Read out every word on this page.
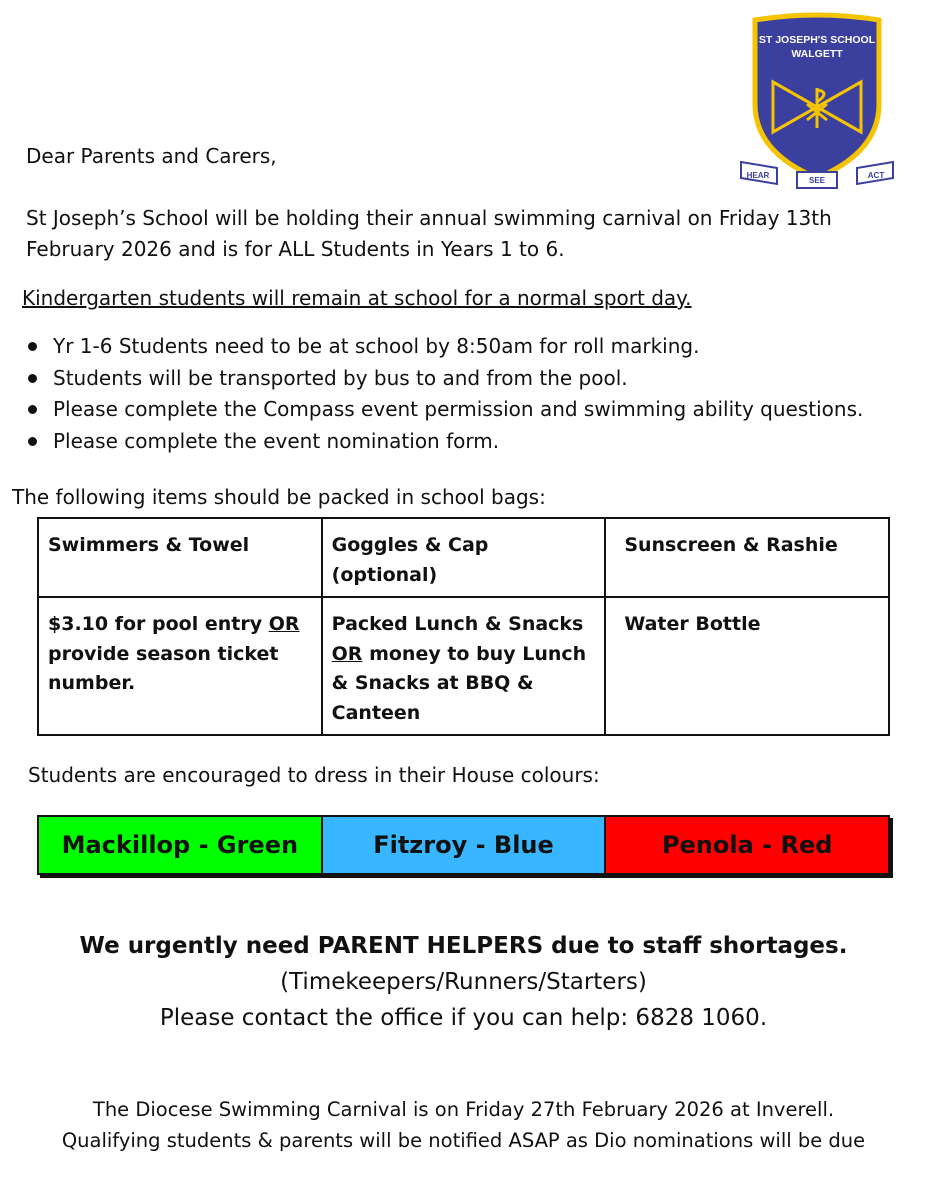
ST JOSEPH'S SCHOOL
WALGETT
HEAR
SEE
ACT
Dear Parents and Carers,
St Joseph’s School will be holding their annual swimming carnival on Friday 13th February 2026 and is for ALL Students in Years 1 to 6.
Kindergarten students will remain at school for a normal sport day.
Yr 1-6 Students need to be at school by 8:50am for roll marking.
Students will be transported by bus to and from the pool.
Please complete the Compass event permission and swimming ability questions.
Please complete the event nomination form.
The following items should be packed in school bags:
Swimmers & Towel	Goggles & Cap (optional)	Sunscreen & Rashie
$3.10 for pool entry OR provide season ticket number.	Packed Lunch & Snacks OR money to buy Lunch & Snacks at BBQ & Canteen	Water Bottle
Students are encouraged to dress in their House colours:
Mackillop - Green	Fitzroy - Blue	Penola - Red
We urgently need PARENT HELPERS due to staff shortages.
(Timekeepers/Runners/Starters)
Please contact the office if you can help: 6828 1060.
The Diocese Swimming Carnival is on Friday 27th February 2026 at Inverell.
Qualifying students & parents will be notified ASAP as Dio nominations will be due
